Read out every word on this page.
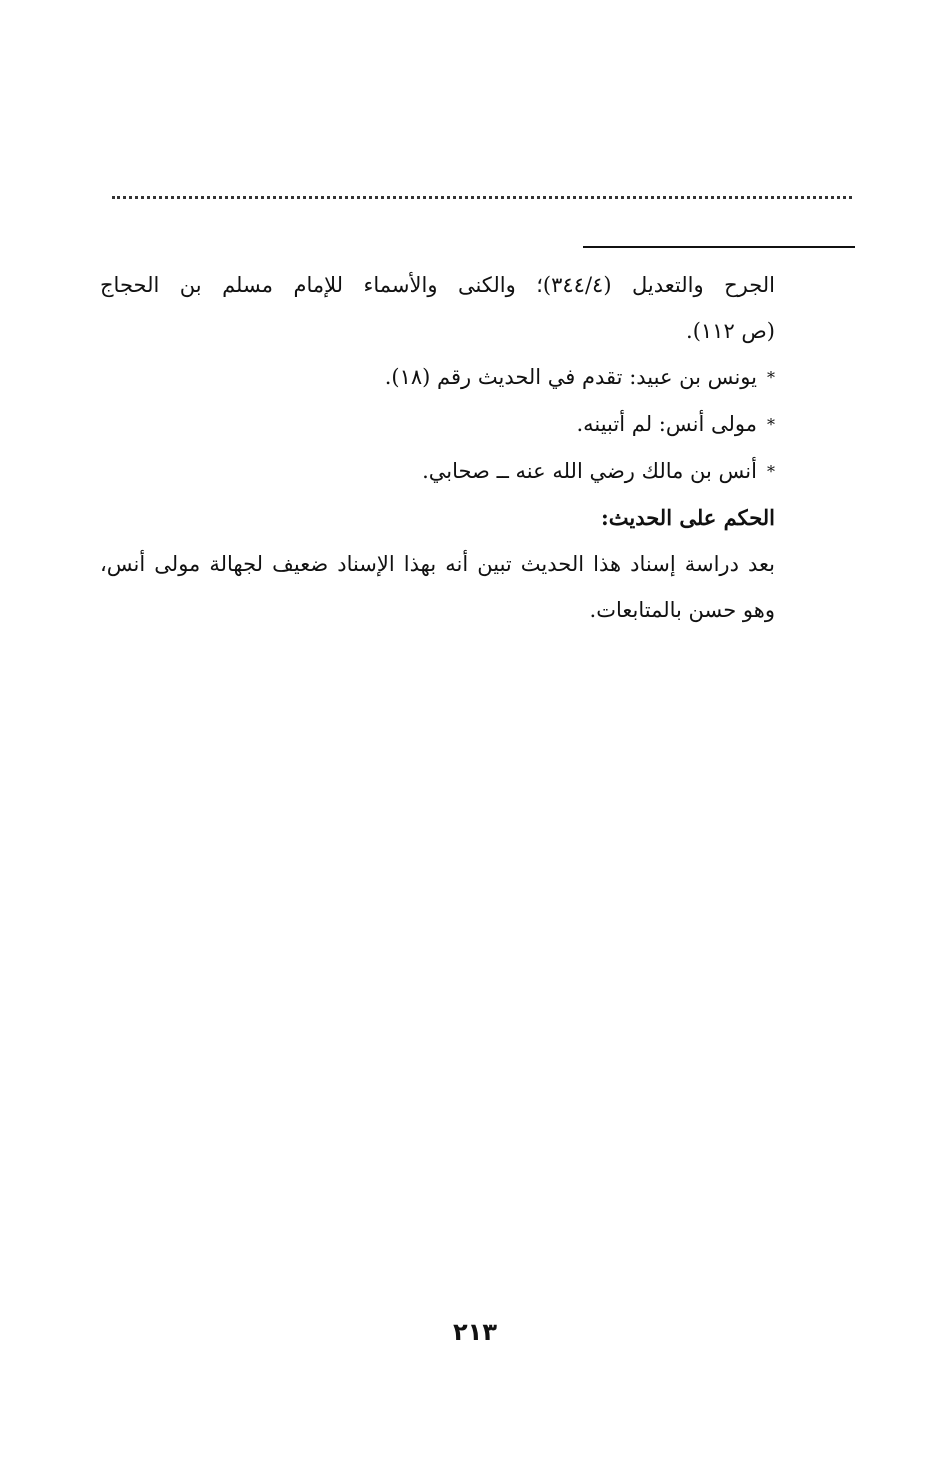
الجرح والتعديل (٣٤٤/٤)؛ والكنى والأسماء للإمام مسلم بن الحجاج
(ص ١١٢).
*يونس بن عبيد: تقدم في الحديث رقم (١٨).
*مولى أنس: لم أتبينه.
*أنس بن مالك رضي الله عنه ــ صحابي.
الحكم على الحديث:
بعد دراسة إسناد هذا الحديث تبين أنه بهذا الإسناد ضعيف لجهالة مولى أنس،
وهو حسن بالمتابعات.
٢١٣
